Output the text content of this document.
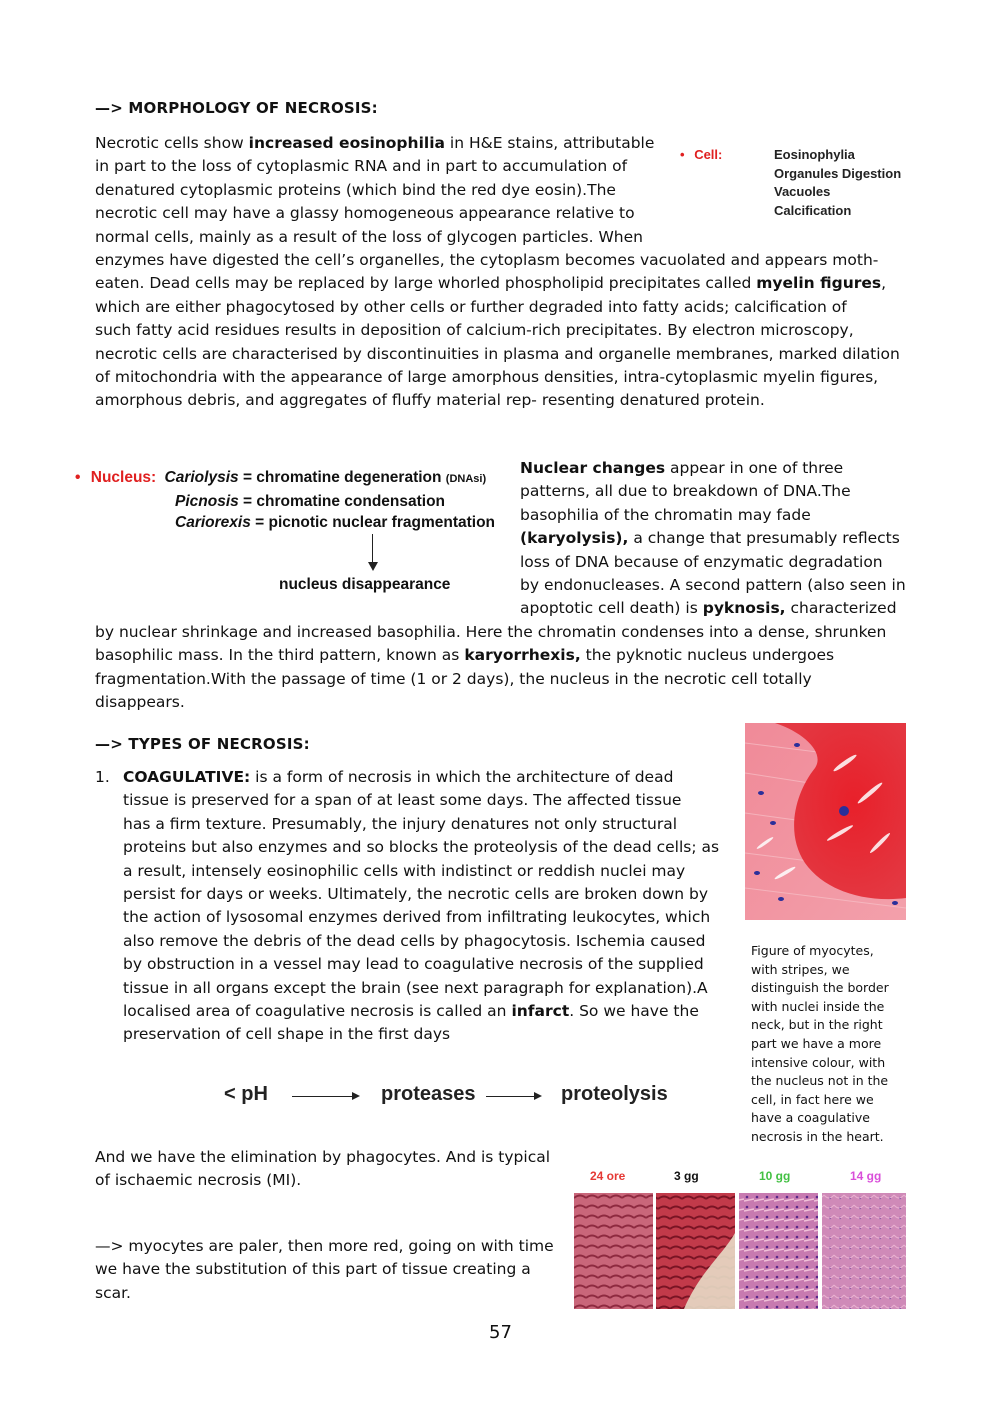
—> MORPHOLOGY OF NECROSIS:
Necrotic cells show increased eosinophilia in H&E stains, attributable
in part to the loss of cytoplasmic RNA and in part to accumulation of
denatured cytoplasmic proteins (which bind the red dye eosin).The
necrotic cell may have a glassy homogeneous appearance relative to
normal cells, mainly as a result of the loss of glycogen particles. When
enzymes have digested the cell’s organelles, the cytoplasm becomes vacuolated and appears moth-
eaten. Dead cells may be replaced by large whorled phospholipid precipitates called myelin figures,
which are either phagocytosed by other cells or further degraded into fatty acids; calcification of
such fatty acid residues results in deposition of calcium-rich precipitates. By electron microscopy,
necrotic cells are characterised by discontinuities in plasma and organelle membranes, marked dilation
of mitochondria with the appearance of large amorphous densities, intra-cytoplasmic myelin figures,
amorphous debris, and aggregates of fluffy material rep- resenting denatured protein.
• Cell:	Eosinophylia
Organules Digestion
Vacuoles
Calcification
• Nucleus: Cariolysis = chromatine degeneration (DNAsi)
Picnosis = chromatine condensation
Cariorexis = picnotic nuclear fragmentation
nucleus disappearance
Nuclear changes appear in one of three
patterns, all due to breakdown of DNA.The
basophilia of the chromatin may fade
(karyolysis), a change that presumably reflects
loss of DNA because of enzymatic degradation
by endonucleases. A second pattern (also seen in
apoptotic cell death) is pyknosis, characterized
by nuclear shrinkage and increased basophilia. Here the chromatin condenses into a dense, shrunken
basophilic mass. In the third pattern, known as karyorrhexis, the pyknotic nucleus undergoes
fragmentation.With the passage of time (1 or 2 days), the nucleus in the necrotic cell totally
disappears.
—> TYPES OF NECROSIS:
1. COAGULATIVE: is a form of necrosis in which the architecture of dead
tissue is preserved for a span of at least some days. The affected tissue
has a firm texture. Presumably, the injury denatures not only structural
proteins but also enzymes and so blocks the proteolysis of the dead cells; as
a result, intensely eosinophilic cells with indistinct or reddish nuclei may
persist for days or weeks. Ultimately, the necrotic cells are broken down by
the action of lysosomal enzymes derived from infiltrating leukocytes, which
also remove the debris of the dead cells by phagocytosis. Ischemia caused
by obstruction in a vessel may lead to coagulative necrosis of the supplied
tissue in all organs except the brain (see next paragraph for explanation).A
localised area of coagulative necrosis is called an infarct. So we have the
preservation of cell shape in the first days
Figure of myocytes,
with stripes, we
distinguish the border
with nuclei inside the
neck, but in the right
part we have a more
intensive colour, with
the nucleus not in the
cell, in fact here we
have a coagulative
necrosis in the heart.
< pH	proteases	proteolysis
And we have the elimination by phagocytes. And is typical
of ischaemic necrosis (MI).
—> myocytes are paler, then more red, going on with time
we have the substitution of this part of tissue creating a
scar.
24 ore	3 gg	10 gg	14 gg
57
